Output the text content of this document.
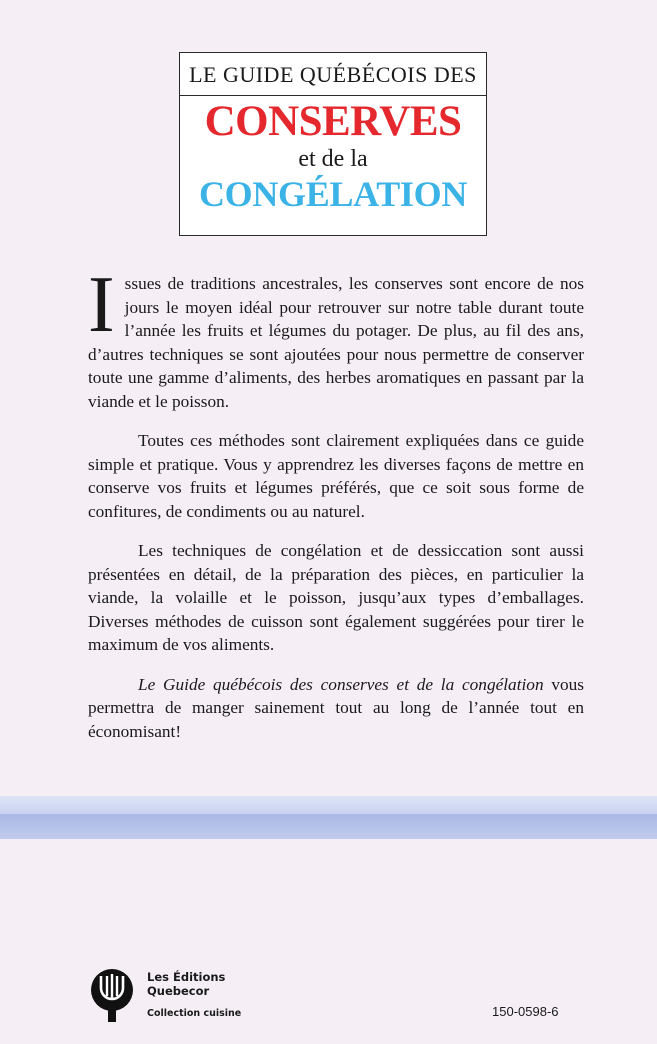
LE GUIDE QUÉBÉCOIS DES
CONSERVES
et de la
CONGÉLATION

Issues de traditions ancestrales, les conserves sont encore de nos jours le moyen idéal pour retrouver sur notre table durant toute l’année les fruits et légumes du potager. De plus, au fil des ans, d’autres techniques se sont ajoutées pour nous permettre de conserver toute une gamme d’aliments, des herbes aromatiques en passant par la viande et le poisson.

Toutes ces méthodes sont clairement expliquées dans ce guide simple et pratique. Vous y apprendrez les diverses façons de mettre en conserve vos fruits et légumes préférés, que ce soit sous forme de confitures, de condiments ou au naturel.

Les techniques de congélation et de dessiccation sont aussi présentées en détail, de la préparation des pièces, en particulier la viande, la volaille et le poisson, jusqu’aux types d’emballages. Diverses méthodes de cuisson sont également suggérées pour tirer le maximum de vos aliments.

Le Guide québécois des conserves et de la congélation vous permettra de manger sainement tout au long de l’année tout en économisant!

Les Éditions
Quebecor
Collection cuisine	150-0598-6
